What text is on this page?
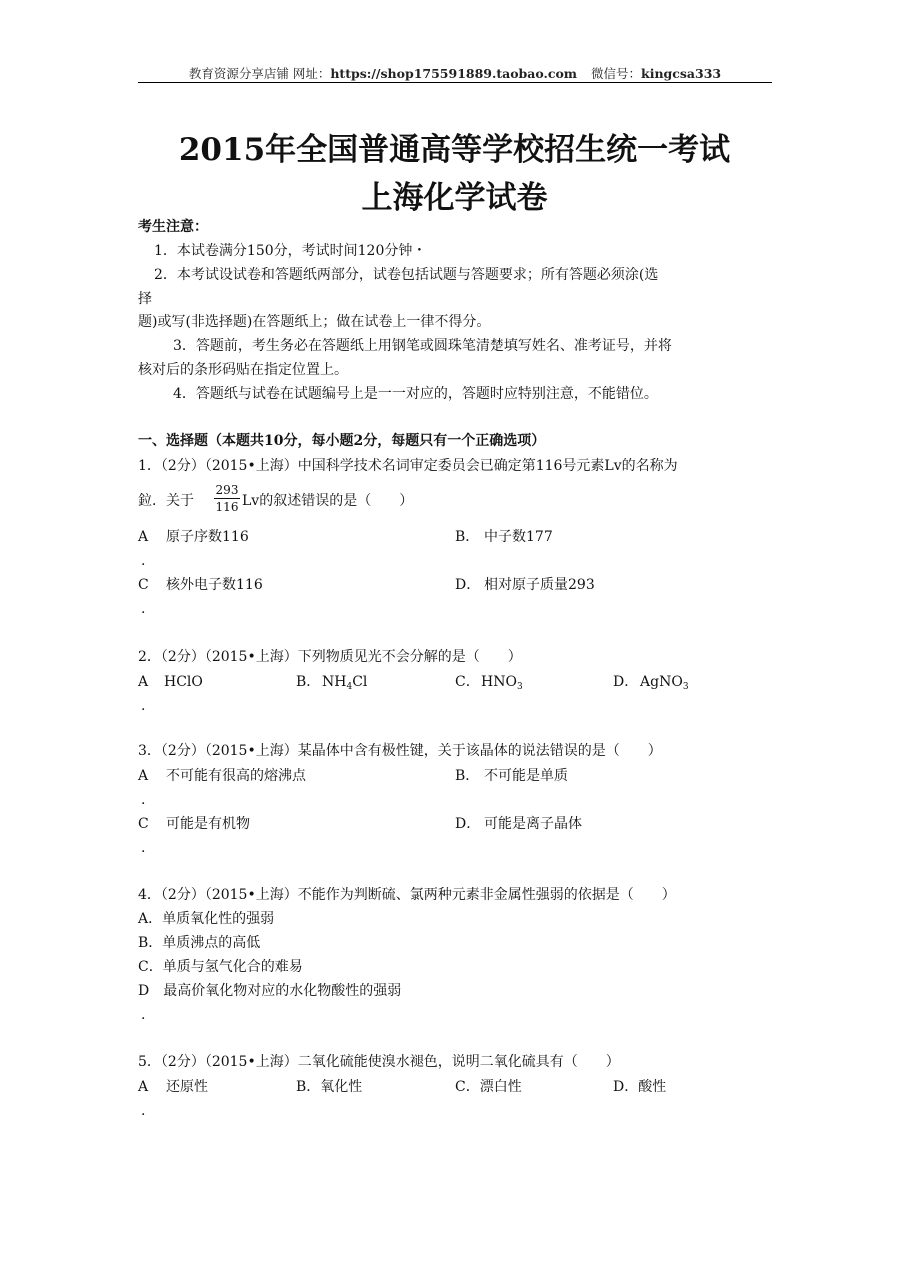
教育资源分享店铺 网址：https://shop175591889.taobao.com 微信号：kingcsa333
2015年全国普通高等学校招生统一考试
上海化学试卷
考生注意：
1．本试卷满分150分，考试时间120分钟・
2．本考试设试卷和答题纸两部分，试卷包括试题与答题要求；所有答题必须涂(选
择
题)或写(非选择题)在答题纸上；做在试卷上一律不得分。
3．答题前，考生务必在答题纸上用钢笔或圆珠笔清楚填写姓名、准考证号，并将
核对后的条形码贴在指定位置上。
4．答题纸与试卷在试题编号上是一一对应的，答题时应特别注意，不能错位。
一、选择题（本题共10分，每小题2分，每题只有一个正确选项）
1．（2分）（2015•上海）中国科学技术名词审定委员会已确定第116号元素Lv的名称为
鉝．关于
293
116 Lv的叙述错误的是（　　）
A 原子序数116	B． 中子数177
.
C 核外电子数116	D． 相对原子质量293
.
2．（2分）（2015•上海）下列物质见光不会分解的是（　　）
A HClO	B． $NH_4Cl$	C． $HNO_3$	D． AgNO$_3$
.
3．（2分）（2015•上海）某晶体中含有极性键，关于该晶体的说法错误的是（　　）
A 不可能有很高的熔沸点	B． 不可能是单质
.
C 可能是有机物	D． 可能是离子晶体
.
4．（2分）（2015•上海）不能作为判断硫、氯两种元素非金属性强弱的依据是（　　）
A．单质氧化性的强弱
B．单质沸点的高低
C．单质与氢气化合的难易
D　最高价氧化物对应的水化物酸性的强弱
.
5．（2分）（2015•上海）二氧化硫能使溴水褪色，说明二氧化硫具有（　　）
A 还原性	B．氧化性	C．漂白性	D．酸性
.
